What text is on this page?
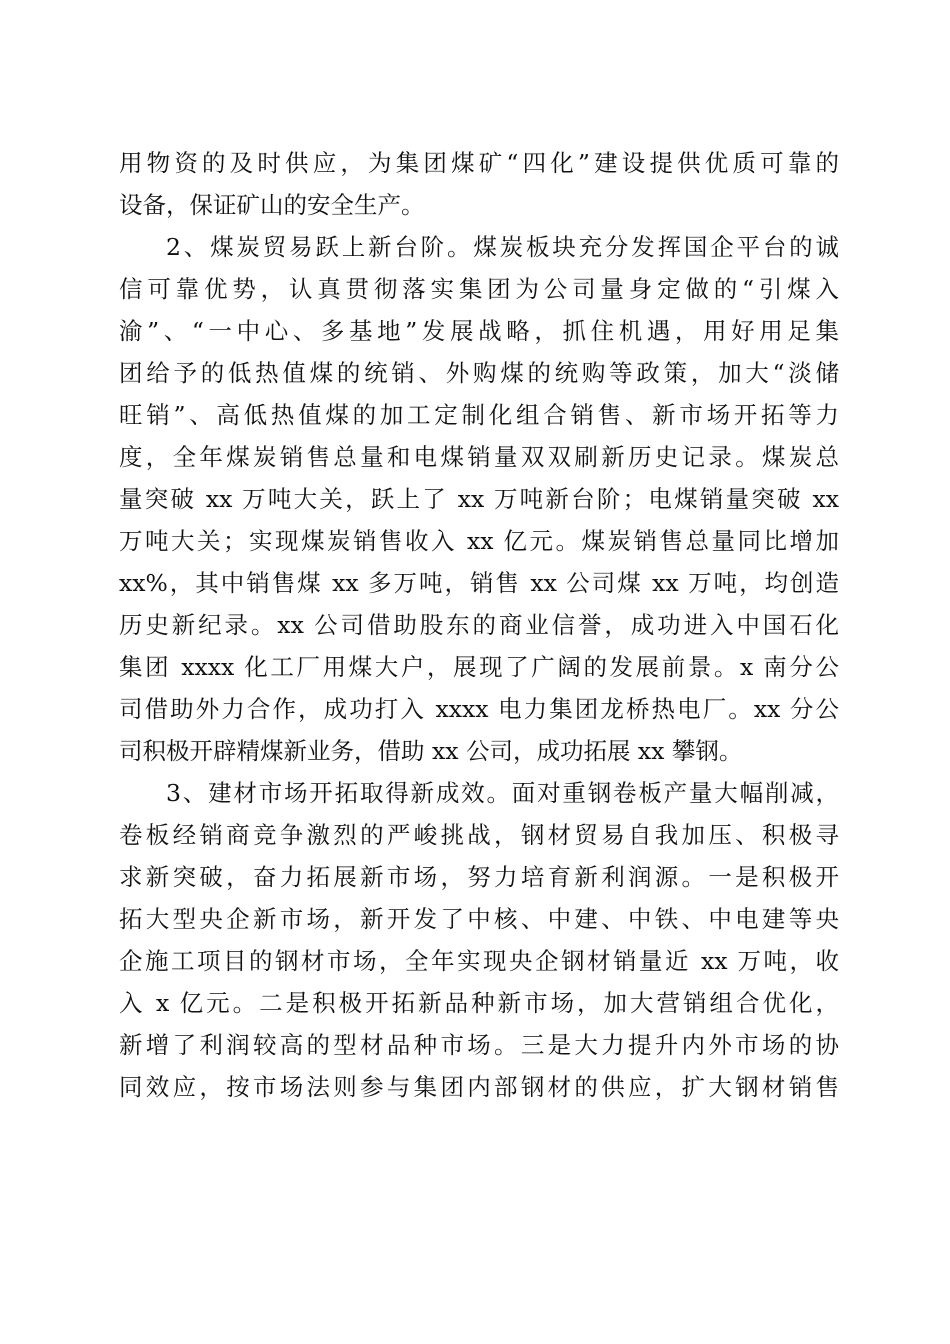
用物资的及时供应，为集团煤矿“四化”建设提供优质可靠的
设备，保证矿山的安全生产。
2、煤炭贸易跃上新台阶。煤炭板块充分发挥国企平台的诚
信可靠优势，认真贯彻落实集团为公司量身定做的“引煤入
渝”、“一中心、多基地”发展战略，抓住机遇，用好用足集
团给予的低热值煤的统销、外购煤的统购等政策，加大“淡储
旺销”、高低热值煤的加工定制化组合销售、新市场开拓等力
度，全年煤炭销售总量和电煤销量双双刷新历史记录。煤炭总
量突破 xx 万吨大关，跃上了 xx 万吨新台阶；电煤销量突破 xx
万吨大关；实现煤炭销售收入 xx 亿元。煤炭销售总量同比增加
xx%，其中销售煤 xx 多万吨，销售 xx 公司煤 xx 万吨，均创造
历史新纪录。xx 公司借助股东的商业信誉，成功进入中国石化
集团 xxxx 化工厂用煤大户，展现了广阔的发展前景。x 南分公
司借助外力合作，成功打入 xxxx 电力集团龙桥热电厂。xx 分公
司积极开辟精煤新业务，借助 xx 公司，成功拓展 xx 攀钢。
3、建材市场开拓取得新成效。面对重钢卷板产量大幅削减，
卷板经销商竞争激烈的严峻挑战，钢材贸易自我加压、积极寻
求新突破，奋力拓展新市场，努力培育新利润源。一是积极开
拓大型央企新市场，新开发了中核、中建、中铁、中电建等央
企施工项目的钢材市场，全年实现央企钢材销量近 xx 万吨，收
入 x 亿元。二是积极开拓新品种新市场，加大营销组合优化，
新增了利润较高的型材品种市场。三是大力提升内外市场的协
同效应，按市场法则参与集团内部钢材的供应，扩大钢材销售
